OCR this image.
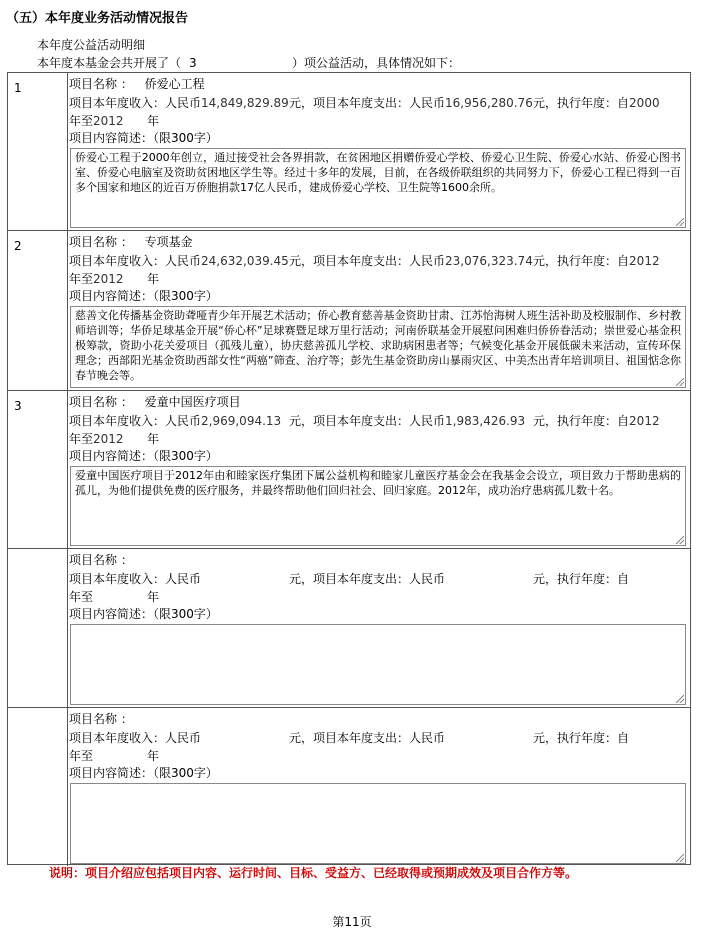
（五）本年度业务活动情况报告
本年度公益活动明细
本年度本基金会共开展了（ 3	）项公益活动，具体情况如下：
1	项目名称 ： 侨爱心工程
项目本年度收入：人民币14,849,829.89元，项目本年度支出：人民币16,956,280.76元，执行年度：自2000
年至2012 年
项目内容简述：（限300字）
侨爱心工程于2000年创立，通过接受社会各界捐款，在贫困地区捐赠侨爱心学校、侨爱心卫生院、侨爱心水站、侨爱心图书室、侨爱心电脑室及资助贫困地区学生等。经过十多年的发展，目前，在各级侨联组织的共同努力下，侨爱心工程已得到一百多个国家和地区的近百万侨胞捐款17亿人民币，建成侨爱心学校、卫生院等1600余所。
2	项目名称 ： 专项基金
项目本年度收入：人民币24,632,039.45元，项目本年度支出：人民币23,076,323.74元，执行年度：自2012
年至2012 年
项目内容简述：（限300字）
慈善文化传播基金资助聋哑青少年开展艺术活动；侨心教育慈善基金资助甘肃、江苏怡海树人班生活补助及校服制作、乡村教师培训等；华侨足球基金开展“侨心杯”足球赛暨足球万里行活动；河南侨联基金开展慰问困难归侨侨眷活动；崇世爱心基金积极筹款，资助小花关爱项目（孤残儿童），协庆慈善孤儿学校、求助病困患者等；气候变化基金开展低碳未来活动，宣传环保理念；西部阳光基金资助西部女性“两癌”筛查、治疗等；彭先生基金资助房山暴雨灾区、中美杰出青年培训项目、祖国惦念你春节晚会等。
3	项目名称 ： 爱童中国医疗项目
项目本年度收入：人民币2,969,094.13 元，项目本年度支出：人民币1,983,426.93 元，执行年度：自2012
年至2012 年
项目内容简述：（限300字）
爱童中国医疗项目于2012年由和睦家医疗集团下属公益机构和睦家儿童医疗基金会在我基金会设立，项目致力于帮助患病的孤儿，为他们提供免费的医疗服务，并最终帮助他们回归社会、回归家庭。2012年，成功治疗患病孤儿数十名。
项目名称 ：
项目本年度收入：人民币	元，项目本年度支出：人民币	元，执行年度：自
年至	年
项目内容简述：（限300字）
项目名称 ：
项目本年度收入：人民币	元，项目本年度支出：人民币	元，执行年度：自
年至	年
项目内容简述：（限300字）
说明：项目介绍应包括项目内容、运行时间、目标、受益方、已经取得或预期成效及项目合作方等。
第11页
